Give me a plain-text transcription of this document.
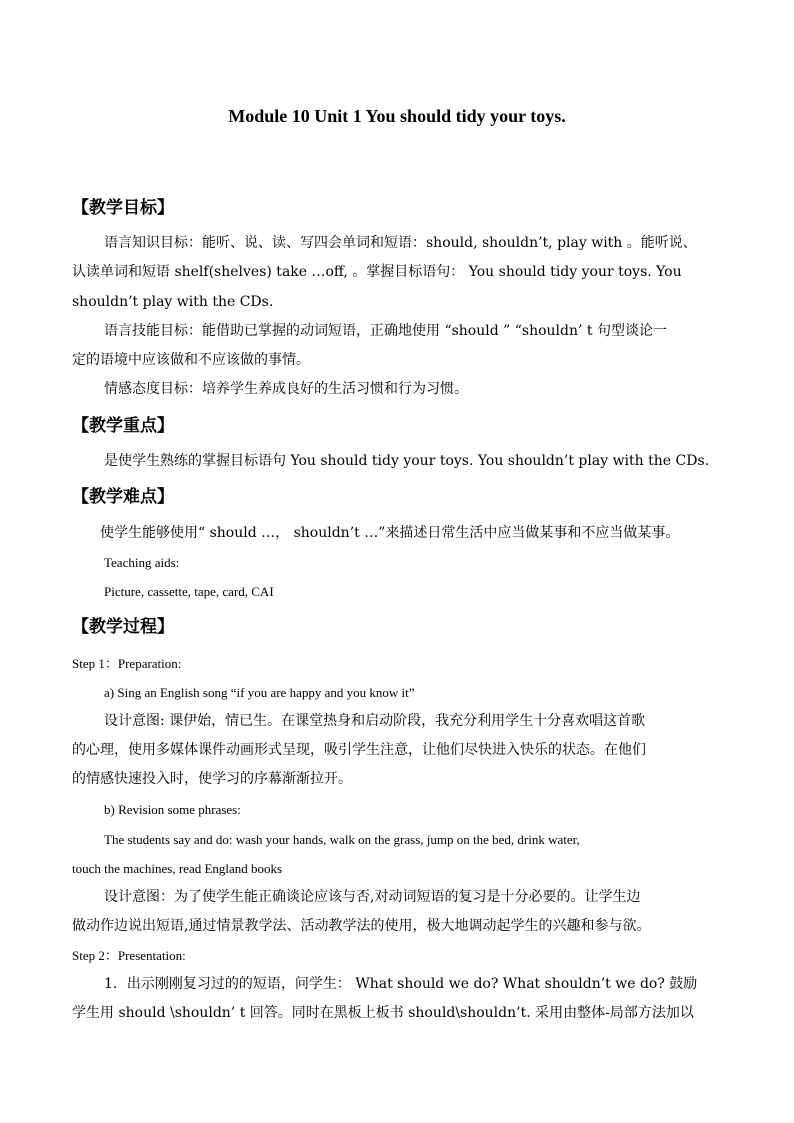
Module 10 Unit 1 You should tidy your toys.
【教学目标】
语言知识目标：能听、说、读、写四会单词和短语：should, shouldn’t, play with 。能听说、
认读单词和短语 shelf(shelves) take …off, 。掌握目标语句： You should tidy your toys. You
shouldn’t play with the CDs.
语言技能目标：能借助已掌握的动词短语，正确地使用 “should ” “shouldn’ t 句型谈论一
定的语境中应该做和不应该做的事情。
情感态度目标：培养学生养成良好的生活习惯和行为习惯。
【教学重点】
是使学生熟练的掌握目标语句 You should tidy your toys. You shouldn’t play with the CDs.
【教学难点】
使学生能够使用“ should …， shouldn’t …”来描述日常生活中应当做某事和不应当做某事。
Teaching aids:
Picture, cassette, tape, card, CAI
【教学过程】
Step 1：Preparation:
a) Sing an English song “if you are happy and you know it”
设计意图: 课伊始，情已生。在课堂热身和启动阶段，我充分利用学生十分喜欢唱这首歌
的心理，使用多媒体课件动画形式呈现，吸引学生注意，让他们尽快进入快乐的状态。在他们
的情感快速投入时，使学习的序幕渐渐拉开。
b) Revision some phrases:
The students say and do: wash your hands, walk on the grass, jump on the bed, drink water,
touch the machines, read England books
设计意图：为了使学生能正确谈论应该与否,对动词短语的复习是十分必要的。让学生边
做动作边说出短语,通过情景教学法、活动教学法的使用，极大地调动起学生的兴趣和参与欲。
Step 2：Presentation:
1．出示刚刚复习过的的短语，问学生： What should we do? What shouldn’t we do? 鼓励
学生用 should \shouldn’ t 回答。同时在黑板上板书 should\shouldn’t. 采用由整体-局部方法加以
